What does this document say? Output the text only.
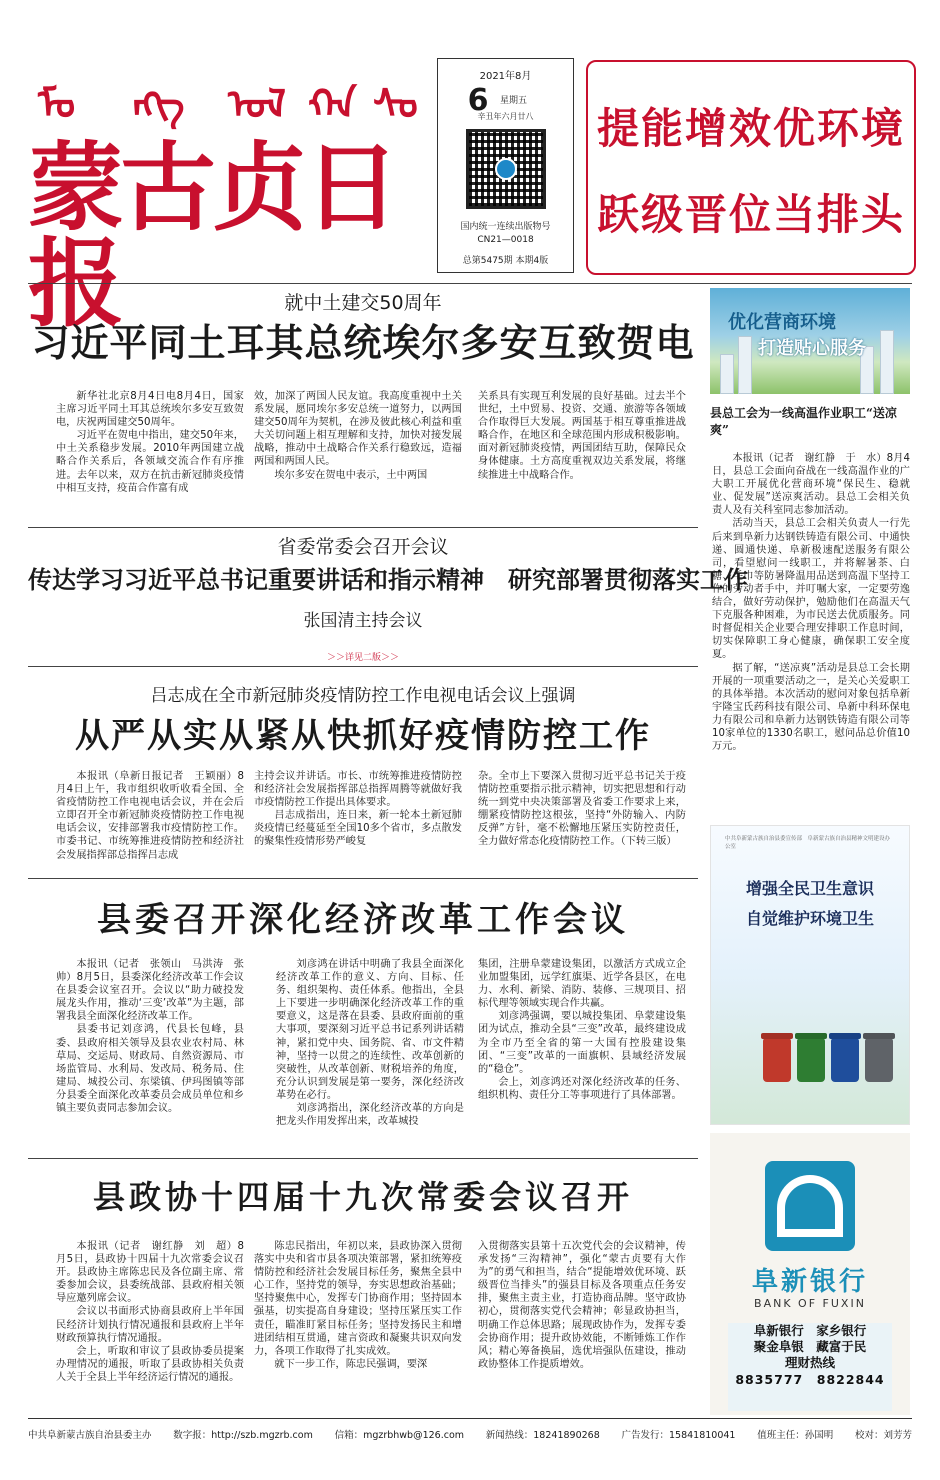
ᠮᠣ ᠩᠭ ᠣᠯ ᠬᠠ ᠰᠤ
蒙古贞日报
2021年8月
6	星期五
辛丑年六月廿八
国内统一连续出版物号
CN21—0018
总第5475期 本期4版
提能增效优环境
跃级晋位当排头
就中土建交50周年
习近平同土耳其总统埃尔多安互致贺电

新华社北京8月4日电8月4日，国家主席习近平同土耳其总统埃尔多安互致贺电，庆祝两国建交50周年。

习近平在贺电中指出，建交50年来，中土关系稳步发展。2010年两国建立战略合作关系后，各领域交流合作有序推进。去年以来，双方在抗击新冠肺炎疫情中相互支持，疫苗合作富有成

效，加深了两国人民友谊。我高度重视中土关系发展，愿同埃尔多安总统一道努力，以两国建交50周年为契机，在涉及彼此核心利益和重大关切问题上相互理解和支持，加快对接发展战略，推动中土战略合作关系行稳致远，造福两国和两国人民。

埃尔多安在贺电中表示，土中两国

关系具有实现互利发展的良好基础。过去半个世纪，土中贸易、投资、交通、旅游等各领域合作取得巨大发展。两国基于相互尊重推进战略合作，在地区和全球范围内形成积极影响。面对新冠肺炎疫情，两国团结互助，保障民众身体健康。土方高度重视双边关系发展，将继续推进土中战略合作。

省委常委会召开会议
传达学习习近平总书记重要讲话和指示精神　研究部署贯彻落实工作
张国清主持会议
＞＞详见二版＞＞
吕志成在全市新冠肺炎疫情防控工作电视电话会议上强调
从严从实从紧从快抓好疫情防控工作

本报讯（阜新日报记者　王颖丽）8月4日上午，我市组织收听收看全国、全省疫情防控工作电视电话会议，并在会后立即召开全市新冠肺炎疫情防控工作电视电话会议，安排部署我市疫情防控工作。市委书记、市统筹推进疫情防控和经济社会发展指挥部总指挥吕志成

主持会议并讲话。市长、市统筹推进疫情防控和经济社会发展指挥部总指挥周腾等就做好我市疫情防控工作提出具体要求。

吕志成指出，连日来，新一轮本土新冠肺炎疫情已经蔓延至全国10多个省市，多点散发的聚集性疫情形势严峻复

杂。全市上下要深入贯彻习近平总书记关于疫情防控重要指示批示精神，切实把思想和行动统一到党中央决策部署及省委工作要求上来，绷紧疫情防控这根弦，坚持“外防输入、内防反弹”方针，毫不松懈地压紧压实防控责任，全力做好常态化疫情防控工作。（下转三版）

县委召开深化经济改革工作会议

本报讯（记者　张领山　马洪涛　张帅）8月5日，县委深化经济改革工作会议在县委会议室召开。会议以“助力破投发展龙头作用，推动‘三变’改革”为主题，部署我县全面深化经济改革工作。

县委书记刘彦鸿，代县长包峰，县委、县政府相关领导及县农业农村局、林草局、交运局、财政局、自然资源局、市场监管局、水利局、发改局、税务局、住建局、城投公司、东梁镇、伊玛图镇等部分县委全面深化改革委员会成员单位和乡镇主要负责同志参加会议。

刘彦鸿在讲话中明确了我县全面深化经济改革工作的意义、方向、目标、任务、组织架构、责任体系。他指出，全县上下要进一步明确深化经济改革工作的重要意义，这是落在县委、县政府面前的重大事项，要深刻习近平总书记系列讲话精神，紧扣党中央、国务院、省、市文件精神，坚持一以贯之的连续性、改革创新的突破性，从改革创新、财税培养的角度，充分认识到发展是第一要务，深化经济改革势在必行。

刘彦鸿指出，深化经济改革的方向是把龙头作用发挥出来，改革城投

集团，注册阜蒙建设集团，以激活方式成立企业加盟集团，远学红旗渠、近学各县区，在电力、水利、新梁、消防、装修、三规项目、招标代理等领域实现合作共赢。

刘彦鸿强调，要以城投集团、阜蒙建设集团为试点，推动全县“三变”改革，最终建设成为全市乃至全省的第一大国有控股建设集团、“三变”改革的一面旗帜、县域经济发展的“稳仓”。

会上，刘彦鸿还对深化经济改革的任务、组织机构、责任分工等事项进行了具体部署。

县政协十四届十九次常委会议召开

本报讯（记者　谢红静　刘　超）8月5日，县政协十四届十九次常委会议召开。县政协主席陈忠民及各位副主席、常委参加会议，县委统战部、县政府相关领导应邀列席会议。

会议以书面形式协商县政府上半年国民经济计划执行情况通报和县政府上半年财政预算执行情况通报。

会上，听取和审议了县政协委员提案办理情况的通报，听取了县政协相关负责人关于全县上半年经济运行情况的通报。

陈忠民指出，年初以来，县政协深入贯彻落实中央和省市县各项决策部署，紧扣统筹疫情防控和经济社会发展目标任务，聚焦全县中心工作，坚持党的领导，夯实思想政治基础；坚持聚焦中心，发挥专门协商作用；坚持固本强基，切实提高自身建设；坚持压紧压实工作责任，瞄准盯紧目标任务；坚持发扬民主和增进团结相互贯通，建言资政和凝聚共识双向发力，各项工作取得了扎实成效。

就下一步工作，陈忠民强调，要深

入贯彻落实县第十五次党代会的会议精神，传承发扬“三沟精神”，强化“蒙古贞要有大作为”的勇气和担当，结合“提能增效优环境、跃级晋位当排头”的强县目标及各项重点任务安排，聚焦主责主业，打造协商品牌。坚守政协初心，贯彻落实党代会精神；彰显政协担当，明确工作总体思路；展现政协作为，发挥专委会协商作用；提升政协效能，不断锤炼工作作风；精心筹备换届，选优培强队伍建设，推动政协整体工作提质增效。

优化营商环境
打造贴心服务
县总工会为一线高温作业职工“送凉爽”

本报讯（记者　谢红静　于　水）8月4日，县总工会面向奋战在一线高温作业的广大职工开展优化营商环境“保民生、稳就业、促发展”送凉爽活动。县总工会相关负责人及有关科室同志参加活动。

活动当天，县总工会相关负责人一行先后来到阜新力达钢铁铸造有限公司、中通快递、圆通快递、阜新极速配送服务有限公司，看望慰问一线职工，并将解暑茶、白糖、毛巾等防暑降温用品送到高温下坚持工作的劳动者手中，并叮嘱大家，一定要劳逸结合，做好劳动保护，勉励他们在高温天气下克服各种困难，为市民送去优质服务。同时督促相关企业要合理安排职工作息时间，切实保障职工身心健康，确保职工安全度夏。

据了解，“送凉爽”活动是县总工会长期开展的一项重要活动之一，是关心关爱职工的具体举措。本次活动的慰问对象包括阜新宇隆宝氏药科技有限公司、阜新中科环保电力有限公司和阜新力达钢铁铸造有限公司等10家单位的1330名职工，慰问品总价值10万元。

中共阜新蒙古族自治县委宣传部　阜新蒙古族自治县精神文明建设办公室
增强全民卫生意识
自觉维护环境卫生
阜新银行
BANK OF FUXIN
阜新银行　家乡银行
聚金阜银　藏富于民
理财热线
8835777　 8822844
中共阜新蒙古族自治县委主办 数字报：http://szb.mgzrb.com 信箱：mgzrbhwb@126.com 新闻热线：18241890268 广告发行：15841810041 值班主任：孙国明 校对：刘芳芳
